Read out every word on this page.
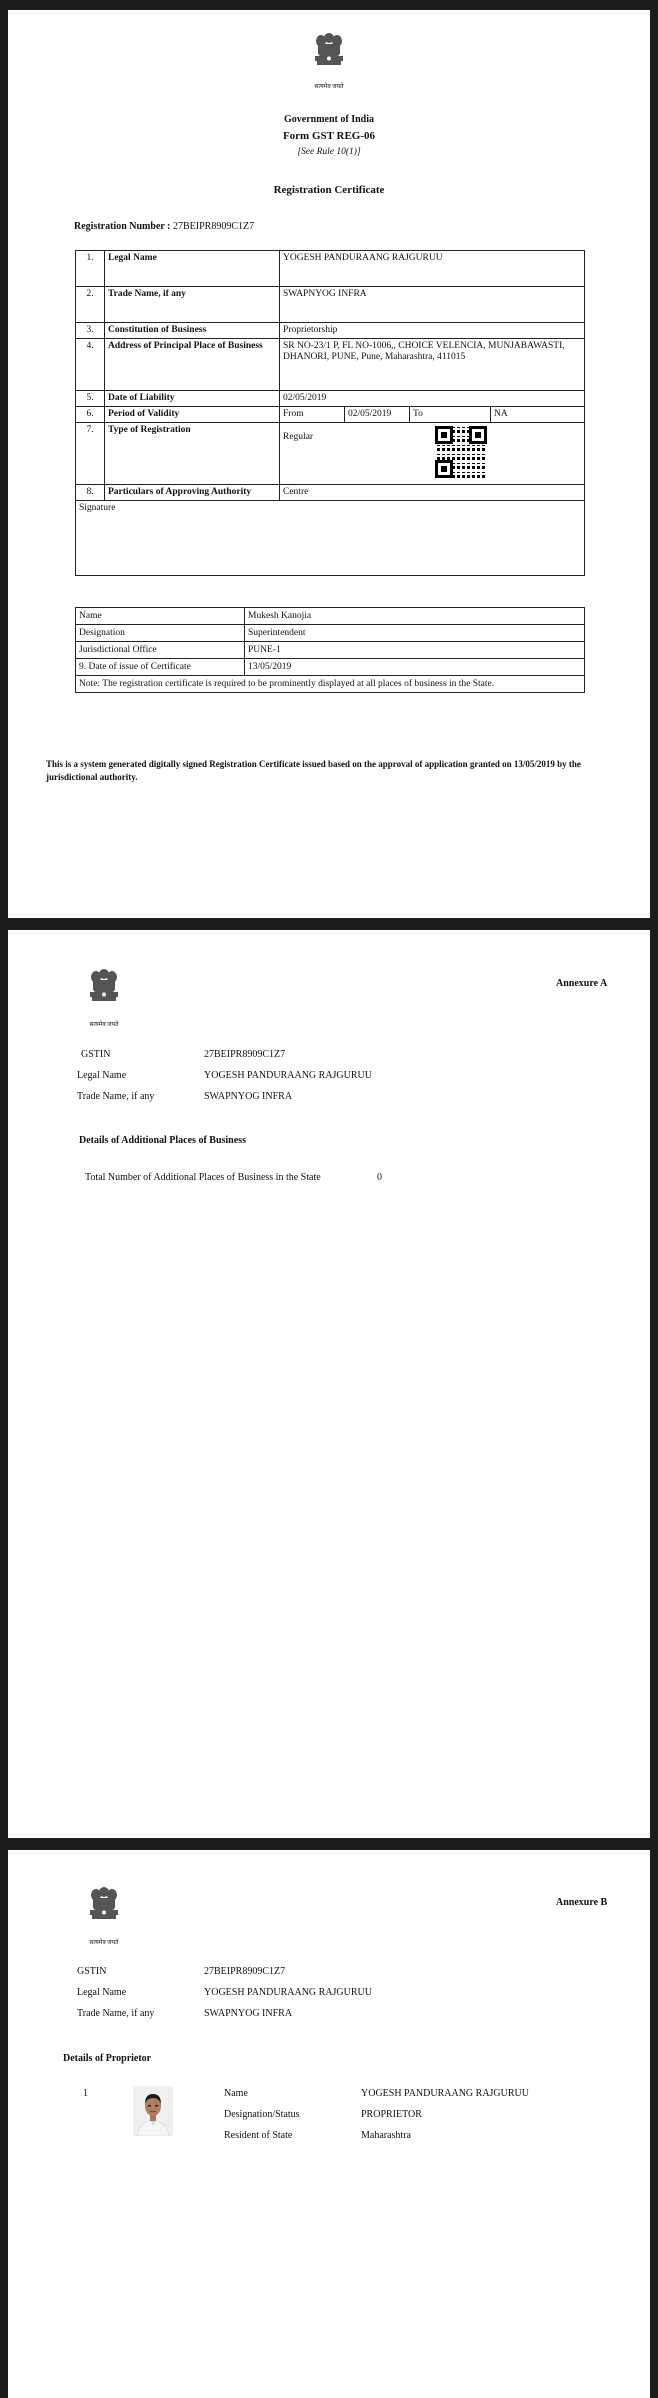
सत्यमेव जयते
Government of India
Form GST REG-06
[See Rule 10(1)]
Registration Certificate
Registration Number : 27BEIPR8909C1Z7
1.	Legal Name	YOGESH PANDURAANG RAJGURUU			
2.	Trade Name, if any	SWAPNYOG INFRA			
3.	Constitution of Business	Proprietorship			
4.	Address of Principal Place of Business	SR NO-23/1 P, FL NO-1006,, CHOICE VELENCIA, MUNJABAWASTI, DHANORI, PUNE, Pune, Maharashtra, 411015			
5.	Date of Liability	02/05/2019			
6.	Period of Validity	From	02/05/2019	To	NA
7.	Type of Registration	Regular			

8.	Particulars of Approving Authority	Centre			
Signature					
Name	Mukesh Kanojia
Designation	Superintendent
Jurisdictional Office	PUNE-1
9. Date of issue of Certificate	13/05/2019
Note: The registration certificate is required to be prominently displayed at all places of business in the State.	
This is a system generated digitally signed Registration Certificate issued based on the approval of application granted on 13/05/2019 by the jurisdictional authority.
सत्यमेव जयते
Annexure A
GSTIN	27BEIPR8909C1Z7
Legal Name	YOGESH PANDURAANG RAJGURUU
Trade Name, if any	SWAPNYOG INFRA
Details of Additional Places of Business
Total Number of Additional Places of Business in the State	0
सत्यमेव जयते
Annexure B
GSTIN	27BEIPR8909C1Z7
Legal Name	YOGESH PANDURAANG RAJGURUU
Trade Name, if any	SWAPNYOG INFRA
Details of Proprietor
1	Name	YOGESH PANDURAANG RAJGURUU
Designation/Status	PROPRIETOR
Resident of State	Maharashtra
